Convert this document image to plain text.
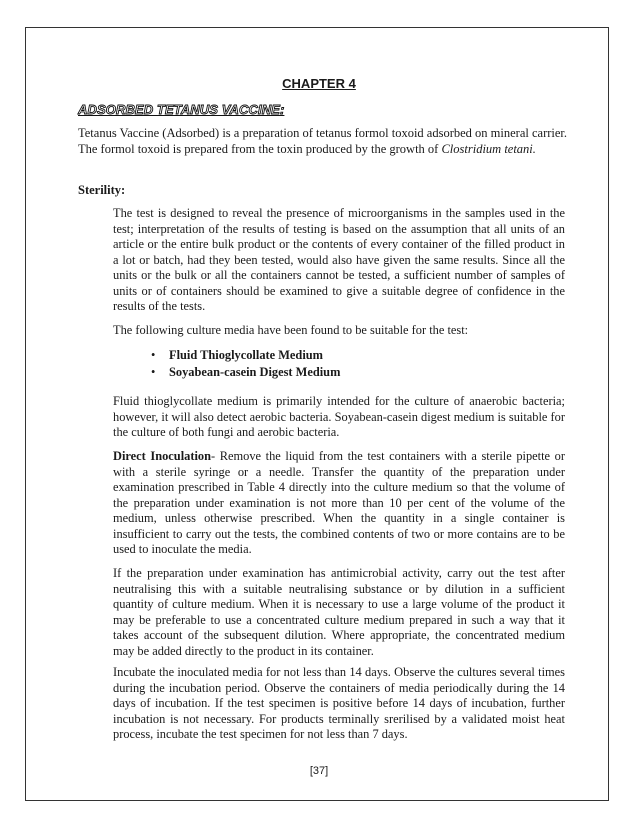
CHAPTER 4
ADSORBED TETANUS VACCINE:
Tetanus Vaccine (Adsorbed) is a preparation of tetanus formol toxoid adsorbed on mineral carrier. The formol toxoid is prepared from the toxin produced by the growth of Clostridium tetani.
Sterility:
The test is designed to reveal the presence of microorganisms in the samples used in the test; interpretation of the results of testing is based on the assumption that all units of an article or the entire bulk product or the contents of every container of the filled product in a lot or batch, had they been tested, would also have given the same results. Since all the units or the bulk or all the containers cannot be tested, a sufficient number of samples of units or of containers should be examined to give a suitable degree of confidence in the results of the tests.
The following culture media have been found to be suitable for the test:
• Fluid Thioglycollate Medium
• Soyabean-casein Digest Medium
Fluid thioglycollate medium is primarily intended for the culture of anaerobic bacteria; however, it will also detect aerobic bacteria. Soyabean-casein digest medium is suitable for the culture of both fungi and aerobic bacteria.
Direct Inoculation- Remove the liquid from the test containers with a sterile pipette or with a sterile syringe or a needle. Transfer the quantity of the preparation under examination prescribed in Table 4 directly into the culture medium so that the volume of the preparation under examination is not more than 10 per cent of the volume of the medium, unless otherwise prescribed. When the quantity in a single container is insufficient to carry out the tests, the combined contents of two or more contains are to be used to inoculate the media.
If the preparation under examination has antimicrobial activity, carry out the test after neutralising this with a suitable neutralising substance or by dilution in a sufficient quantity of culture medium. When it is necessary to use a large volume of the product it may be preferable to use a concentrated culture medium prepared in such a way that it takes account of the subsequent dilution. Where appropriate, the concentrated medium may be added directly to the product in its container.
Incubate the inoculated media for not less than 14 days. Observe the cultures several times during the incubation period. Observe the containers of media periodically during the 14 days of incubation. If the test specimen is positive before 14 days of incubation, further incubation is not necessary. For products terminally srerilised by a validated moist heat process, incubate the test specimen for not less than 7 days.
[37]
